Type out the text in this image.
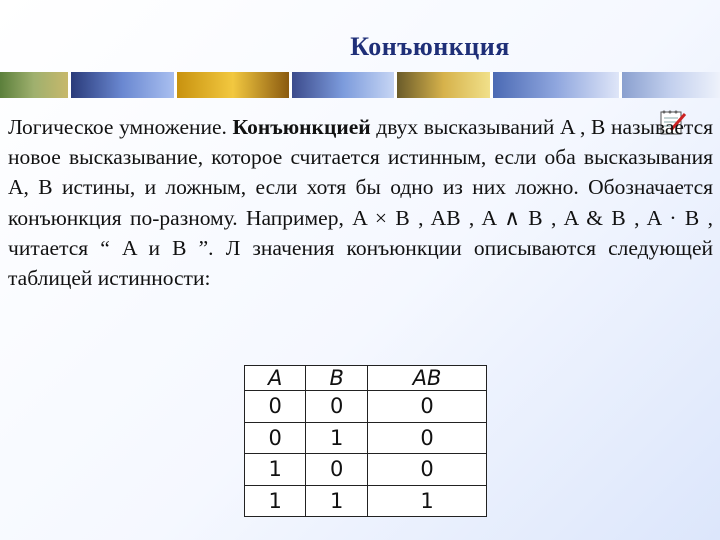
Конъюнкция

Логическое умножение. Конъюнкцией двух высказываний A , B называется новое высказывание, которое считается истинным, если оба высказывания A, B истины, и ложным, если хотя бы одно из них ложно. Обозначается конъюнкция по-разному. Например, A × B , AB , A ∧ B , A & B , A · B , читается “ A и B ”. Л значения конъюнкции описываются следующей таблицей истинности:

A	B	AB
0	0	0
0	1	0
1	0	0
1	1	1
